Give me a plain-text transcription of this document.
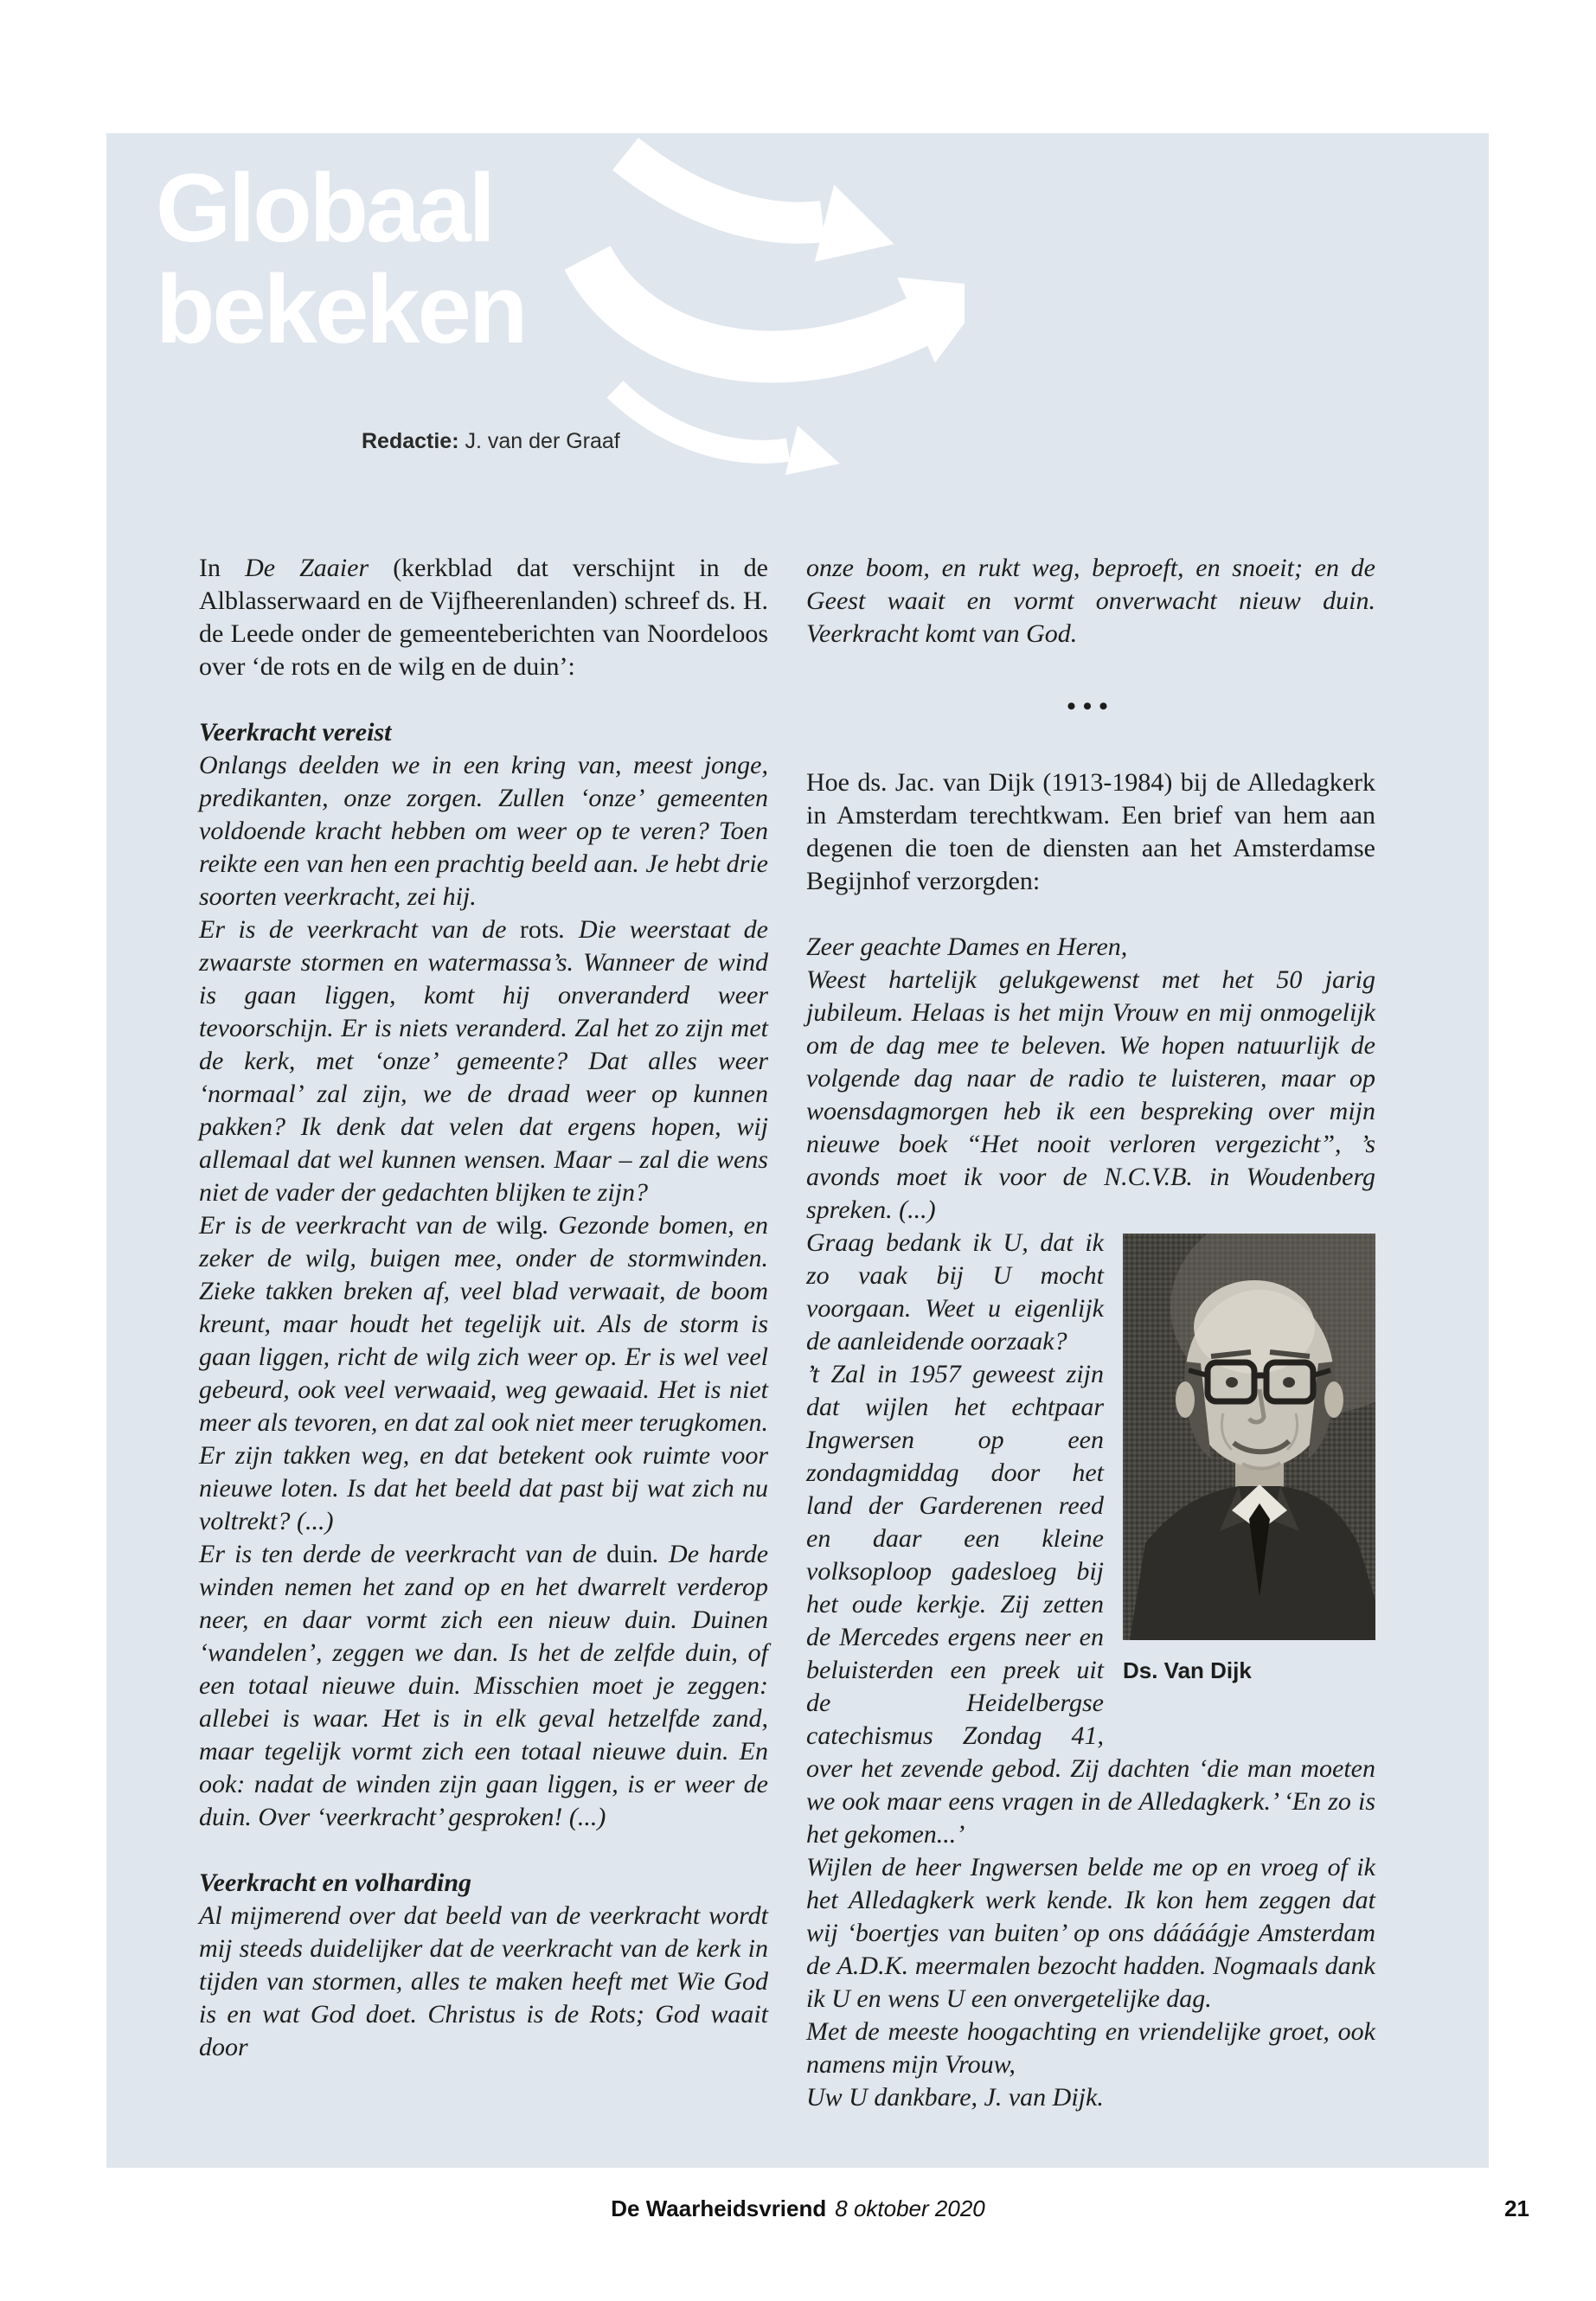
Globaal
bekeken
Redactie: J. van der Graaf

In De Zaaier (kerkblad dat verschijnt in de Alblasserwaard en de Vijfheerenlanden) schreef ds. H. de Leede onder de gemeenteberichten van Noordeloos over ‘de rots en de wilg en de duin’:

Veerkracht vereist

Onlangs deelden we in een kring van, meest jonge, predikanten, onze zorgen. Zullen ‘onze’ gemeenten voldoende kracht hebben om weer op te veren? Toen reikte een van hen een prachtig beeld aan. Je hebt drie soorten veerkracht, zei hij.

Er is de veerkracht van de rots. Die weerstaat de zwaarste stormen en watermassa’s. Wanneer de wind is gaan liggen, komt hij onveranderd weer tevoorschijn. Er is niets veranderd. Zal het zo zijn met de kerk, met ‘onze’ gemeente? Dat alles weer ‘normaal’ zal zijn, we de draad weer op kunnen pakken? Ik denk dat velen dat ergens hopen, wij allemaal dat wel kunnen wensen. Maar – zal die wens niet de vader der gedachten blijken te zijn?

Er is de veerkracht van de wilg. Gezonde bomen, en zeker de wilg, buigen mee, onder de stormwinden. Zieke takken breken af, veel blad verwaait, de boom kreunt, maar houdt het tegelijk uit. Als de storm is gaan liggen, richt de wilg zich weer op. Er is wel veel gebeurd, ook veel verwaaid, weg gewaaid. Het is niet meer als tevoren, en dat zal ook niet meer terugkomen. Er zijn takken weg, en dat betekent ook ruimte voor nieuwe loten. Is dat het beeld dat past bij wat zich nu voltrekt? (...)

Er is ten derde de veerkracht van de duin. De harde winden nemen het zand op en het dwarrelt verderop neer, en daar vormt zich een nieuw duin. Duinen ‘wandelen’, zeggen we dan. Is het de zelfde duin, of een totaal nieuwe duin. Misschien moet je zeggen: allebei is waar. Het is in elk geval hetzelfde zand, maar tegelijk vormt zich een totaal nieuwe duin. En ook: nadat de winden zijn gaan liggen, is er weer de duin. Over ‘veerkracht’ gesproken! (...)

Veerkracht en volharding

Al mijmerend over dat beeld van de veerkracht wordt mij steeds duidelijker dat de veerkracht van de kerk in tijden van stormen, alles te maken heeft met Wie God is en wat God doet. Christus is de Rots; God waait door

onze boom, en rukt weg, beproeft, en snoeit; en de Geest waait en vormt onverwacht nieuw duin. Veerkracht komt van God.

•••

Hoe ds. Jac. van Dijk (1913-1984) bij de Alledagkerk in Amsterdam terechtkwam. Een brief van hem aan degenen die toen de diensten aan het Amsterdamse Begijnhof verzorgden:

Zeer geachte Dames en Heren,

Weest hartelijk gelukgewenst met het 50 jarig jubileum. Helaas is het mijn Vrouw en mij onmogelijk om de dag mee te beleven. We hopen natuurlijk de volgende dag naar de radio te luisteren, maar op woensdagmorgen heb ik een bespreking over mijn nieuwe boek “Het nooit verloren vergezicht”, ’s avonds moet ik voor de N.C.V.B. in Woudenberg spreken. (...)

Ds. Van Dijk

Graag bedank ik U, dat ik zo vaak bij U mocht voorgaan. Weet u eigenlijk de aanleidende oorzaak?

’t Zal in 1957 geweest zijn dat wijlen het echtpaar Ingwersen op een zondagmiddag door het land der Garderenen reed en daar een kleine volksoploop gadesloeg bij het oude kerkje. Zij zetten de Mercedes ergens neer en beluisterden een preek uit de Heidelbergse catechismus Zondag 41, over het zevende gebod. Zij dachten ‘die man moeten we ook maar eens vragen in de Alledagkerk.’ ‘En zo is het gekomen...’

Wijlen de heer Ingwersen belde me op en vroeg of ik het Alledagkerk werk kende. Ik kon hem zeggen dat wij ‘boertjes van buiten’ op ons dáááágje Amsterdam de A.D.K. meermalen bezocht hadden. Nogmaals dank ik U en wens U een onvergetelijke dag.

Met de meeste hoogachting en vriendelijke groet, ook namens mijn Vrouw,

Uw U dankbare, J. van Dijk.

De Waarheidsvriend 8 oktober 2020	21
